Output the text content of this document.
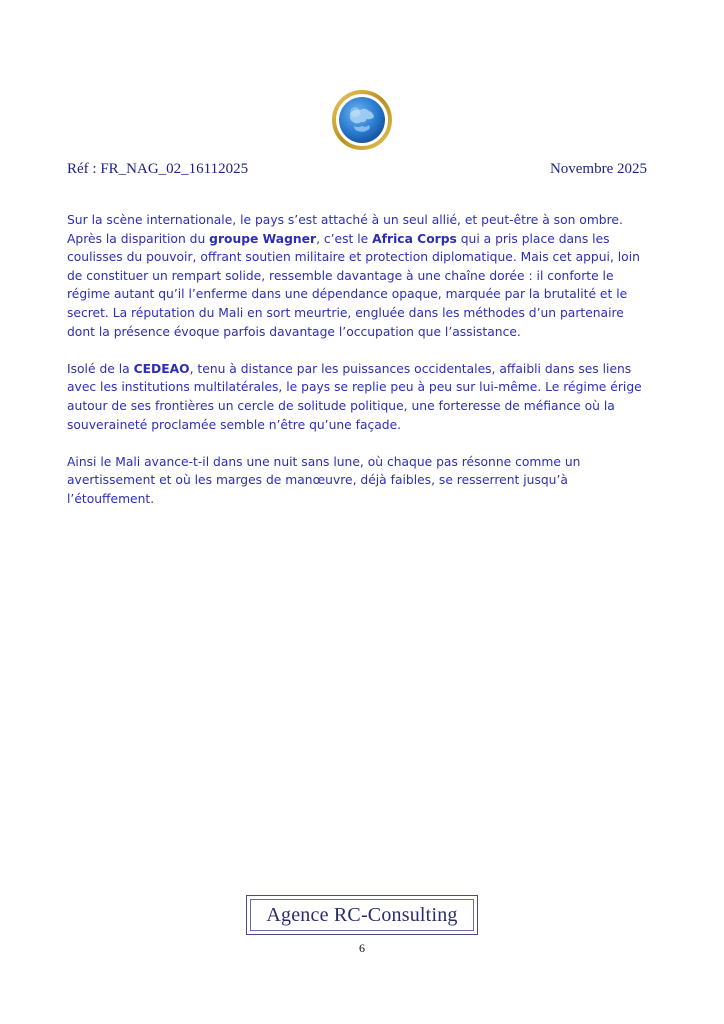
Réf : FR_NAG_02_16112025	Novembre 2025

Sur la scène internationale, le pays s’est attaché à un seul allié, et peut-être à son ombre. Après la disparition du groupe Wagner, c’est le Africa Corps qui a pris place dans les coulisses du pouvoir, offrant soutien militaire et protection diplomatique. Mais cet appui, loin de constituer un rempart solide, ressemble davantage à une chaîne dorée : il conforte le régime autant qu’il l’enferme dans une dépendance opaque, marquée par la brutalité et le secret. La réputation du Mali en sort meurtrie, engluée dans les méthodes d’un partenaire dont la présence évoque parfois davantage l’occupation que l’assistance.

Isolé de la CEDEAO, tenu à distance par les puissances occidentales, affaibli dans ses liens avec les institutions multilatérales, le pays se replie peu à peu sur lui-même. Le régime érige autour de ses frontières un cercle de solitude politique, une forteresse de méfiance où la souveraineté proclamée semble n’être qu’une façade.

Ainsi le Mali avance-t-il dans une nuit sans lune, où chaque pas résonne comme un avertissement et où les marges de manœuvre, déjà faibles, se resserrent jusqu’à l’étouffement.

Agence RC-Consulting
6
